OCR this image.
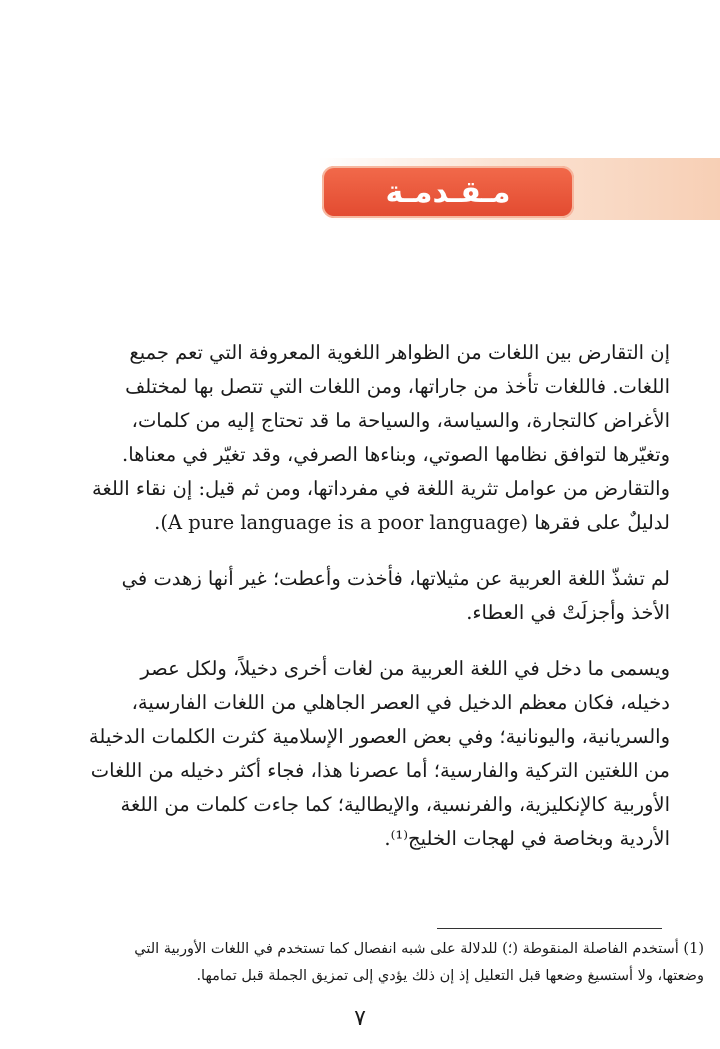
مـقـدمـة

إن التقارض بين اللغات من الظواهر اللغوية المعروفة التي تعم جميع
اللغات. فاللغات تأخذ من جاراتها، ومن اللغات التي تتصل بها لمختلف
الأغراض كالتجارة، والسياسة، والسياحة ما قد تحتاج إليه من كلمات،
وتغيّرها لتوافق نظامها الصوتي، وبناءها الصرفي، وقد تغيّر في معناها.
والتقارض من عوامل تثرية اللغة في مفرداتها، ومن ثم قيل: إن نقاء اللغة
لدليلٌ على فقرها (A pure language is a poor language).

لم تشذّ اللغة العربية عن مثيلاتها، فأخذت وأعطت؛ غير أنها زهدت في
الأخذ وأجزلَتْ في العطاء.

ويسمى ما دخل في اللغة العربية من لغات أخرى دخيلاً، ولكل عصر
دخيله، فكان معظم الدخيل في العصر الجاهلي من اللغات الفارسية،
والسريانية، واليونانية؛ وفي بعض العصور الإسلامية كثرت الكلمات الدخيلة
من اللغتين التركية والفارسية؛ أما عصرنا هذا، فجاء أكثر دخيله من اللغات
الأوربية كالإنكليزية، والفرنسية، والإيطالية؛ كما جاءت كلمات من اللغة
الأردية وبخاصة في لهجات الخليج⁽¹⁾.

(1) أستخدم الفاصلة المنقوطة (؛) للدلالة على شبه انفصال كما تستخدم في اللغات الأوربية التي
وضعتها، ولا أستسيغ وضعها قبل التعليل إذ إن ذلك يؤدي إلى تمزيق الجملة قبل تمامها.
٧
